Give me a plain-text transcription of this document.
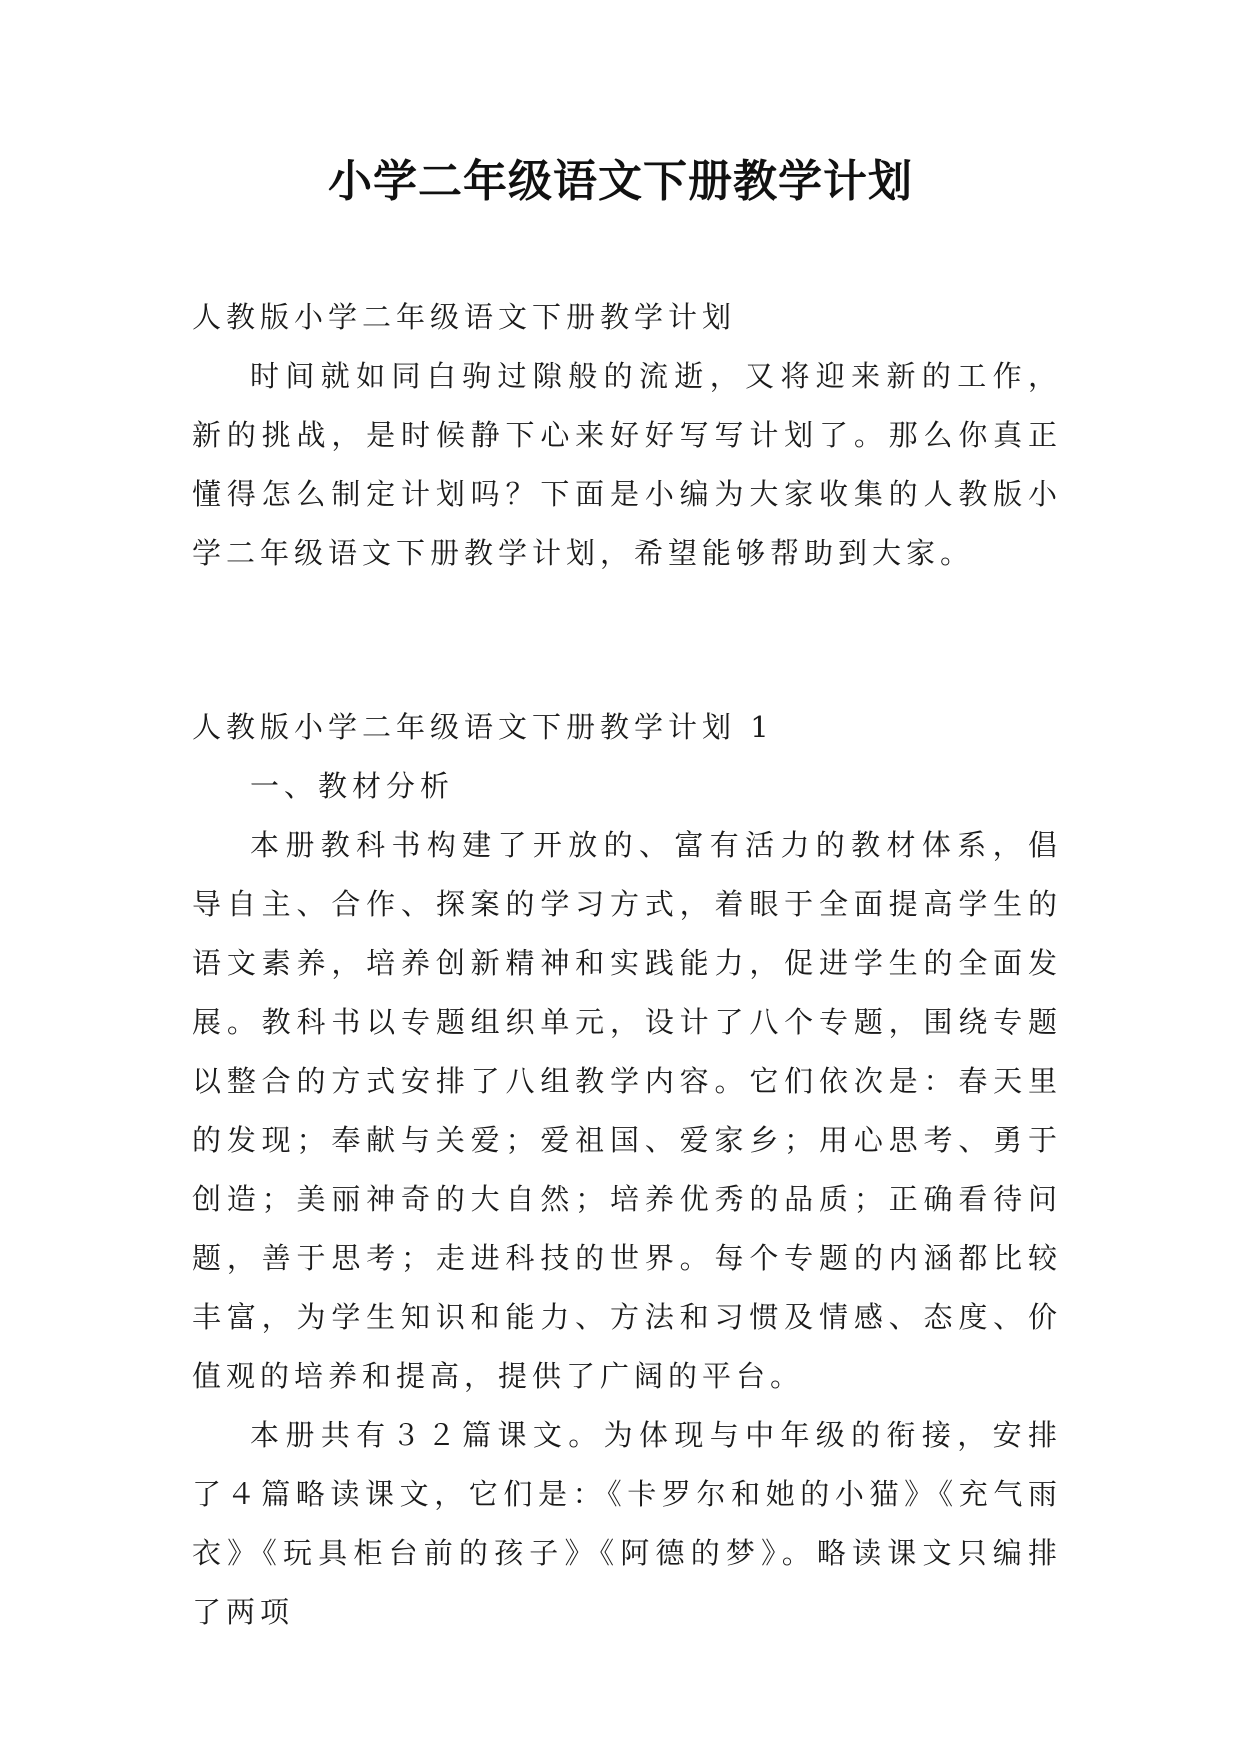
小学二年级语文下册教学计划
人教版小学二年级语文下册教学计划

时间就如同白驹过隙般的流逝，又将迎来新的工作，新的挑战，是时候静下心来好好写写计划了。那么你真正懂得怎么制定计划吗？下面是小编为大家收集的人教版小学二年级语文下册教学计划，希望能够帮助到大家。

人教版小学二年级语文下册教学计划 1
一、教材分析

本册教科书构建了开放的、富有活力的教材体系，倡导自主、合作、探案的学习方式，着眼于全面提高学生的语文素养，培养创新精神和实践能力，促进学生的全面发展。教科书以专题组织单元，设计了八个专题，围绕专题以整合的方式安排了八组教学内容。它们依次是：春天里的发现；奉献与关爱；爱祖国、爱家乡；用心思考、勇于创造；美丽神奇的大自然；培养优秀的品质；正确看待问题，善于思考；走进科技的世界。每个专题的内涵都比较丰富，为学生知识和能力、方法和习惯及情感、态度、价值观的培养和提高，提供了广阔的平台。

本册共有３２篇课文。为体现与中年级的衔接，安排了４篇略读课文，它们是：《卡罗尔和她的小猫》《充气雨衣》《玩具柜台前的孩子》《阿德的梦》。略读课文只编排了两项
